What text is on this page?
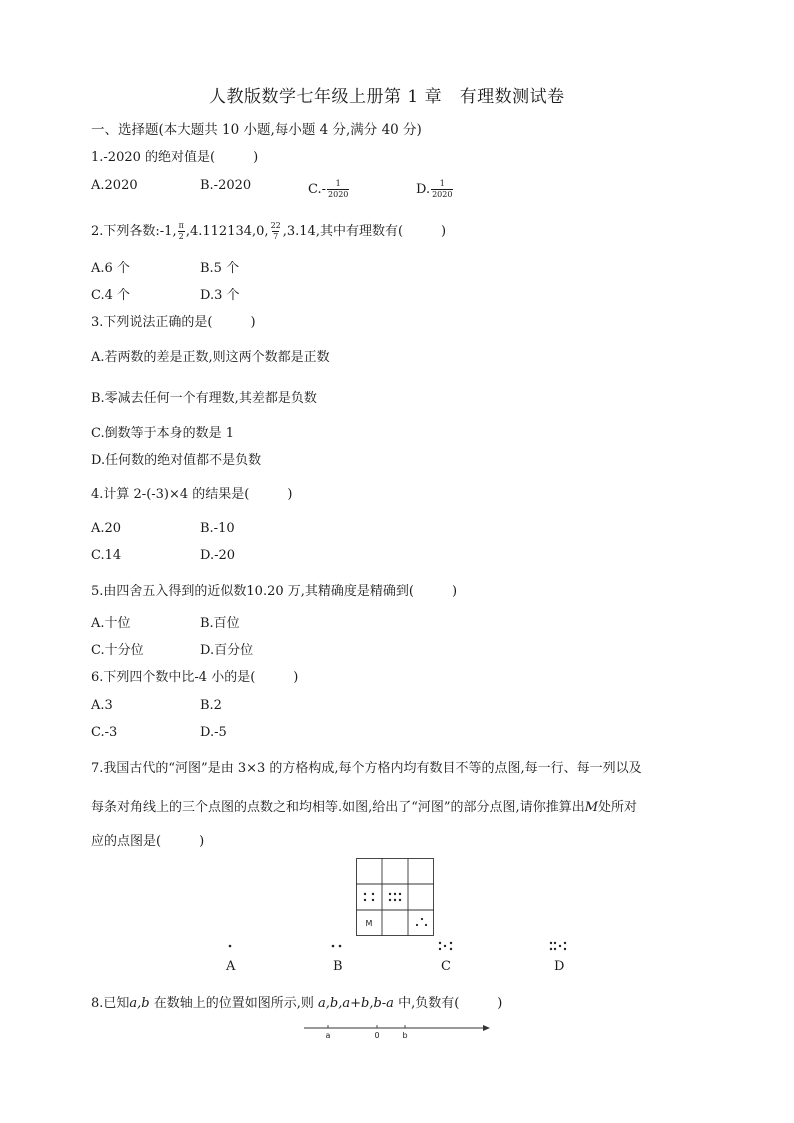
人教版数学七年级上册第 1 章　有理数测试卷
一、选择题(本大题共 10 小题,每小题 4 分,满分 40 分)
1.-2020 的绝对值是(	)
A.2020	B.-2020	$C.- \frac{1}{2020}$	D. $\frac{1}{2020}$
2.下列各数:-1, $\frac{\pi}{2} ,4.112134,0$, $\frac{22}{7} ,3.14$,其中有理数有(	)
A.6 个	B.5 个
C.4 个	D.3 个
3.下列说法正确的是(	)
A.若两数的差是正数,则这两个数都是正数
B.零减去任何一个有理数,其差都是负数
C.倒数等于本身的数是 1
D.任何数的绝对值都不是负数
4.计算 2-(-3)×4 的结果是(	)
A.20	B.-10
C.14	D.-20
5.由四舍五入得到的近似数10.20 万,其精确度是精确到(	)
A.十位	B.百位
C.十分位	D.百分位
6.下列四个数中比-4 小的是(	)
A.3	B.2
C.-3	D.-5
7.我国古代的“河图”是由 3×3 的方格构成,每个方格内均有数目不等的点图,每一行、每一列以及
每条对角线上的三个点图的点数之和均相等.如图,给出了“河图”的部分点图,请你推算出M处所对
应的点图是(	)
M
A	B	C	D
8.已知a,b 在数轴上的位置如图所示,则 a,b,a+b,b-a 中,负数有(	)
a	0	b
